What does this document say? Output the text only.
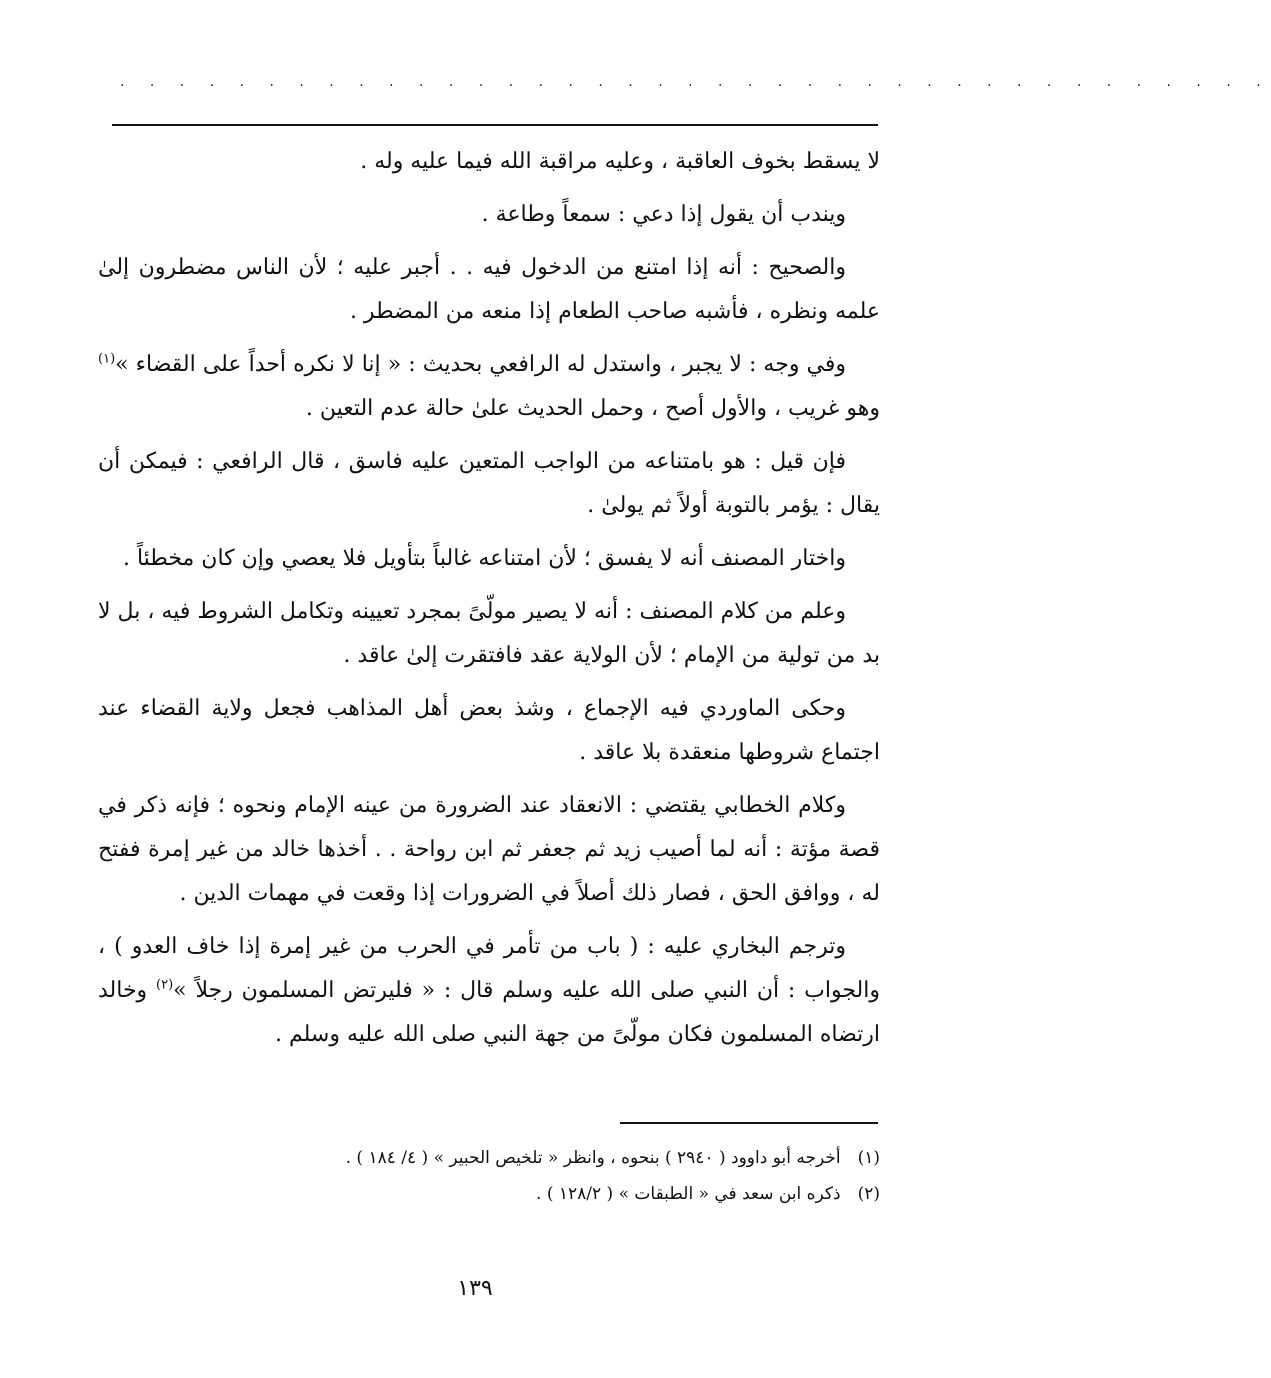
. . . . . . . . . . . . . . . . . . . . . . . . . . . . . . . . . . . . . . .

لا يسقط بخوف العاقبة ، وعليه مراقبة الله فيما عليه وله .

ويندب أن يقول إذا دعي : سمعاً وطاعة .

والصحيح : أنه إذا امتنع من الدخول فيه . . أجبر عليه ؛ لأن الناس مضطرون إلىٰ علمه ونظره ، فأشبه صاحب الطعام إذا منعه من المضطر .

وفي وجه : لا يجبر ، واستدل له الرافعي بحديث : « إنا لا نكره أحداً على القضاء »$^{(١)}$ وهو غريب ، والأول أصح ، وحمل الحديث علىٰ حالة عدم التعين .

فإن قيل : هو بامتناعه من الواجب المتعين عليه فاسق ، قال الرافعي : فيمكن أن يقال : يؤمر بالتوبة أولاً ثم يولىٰ .

واختار المصنف أنه لا يفسق ؛ لأن امتناعه غالباً بتأويل فلا يعصي وإن كان مخطئاً .

وعلم من كلام المصنف : أنه لا يصير مولّىً بمجرد تعيينه وتكامل الشروط فيه ، بل لا بد من تولية من الإمام ؛ لأن الولاية عقد فافتقرت إلىٰ عاقد .

وحكى الماوردي فيه الإجماع ، وشذ بعض أهل المذاهب فجعل ولاية القضاء عند اجتماع شروطها منعقدة بلا عاقد .

وكلام الخطابي يقتضي : الانعقاد عند الضرورة من عينه الإمام ونحوه ؛ فإنه ذكر في قصة مؤتة : أنه لما أصيب زيد ثم جعفر ثم ابن رواحة . . أخذها خالد من غير إمرة ففتح له ، ووافق الحق ، فصار ذلك أصلاً في الضرورات إذا وقعت في مهمات الدين .

وترجم البخاري عليه : ( باب من تأمر في الحرب من غير إمرة إذا خاف العدو ) ، والجواب : أن النبي صلى الله عليه وسلم قال : « فليرتض المسلمون رجلاً »$^{(٢)}$ وخالد ارتضاه المسلمون فكان مولّىً من جهة النبي صلى الله عليه وسلم .

(١) أخرجه أبو داوود ( ٢٩٤٠ ) بنحوه ، وانظر « تلخيص الحبير » ( ٤/ ١٨٤ ) .
(٢) ذكره ابن سعد في « الطبقات » ( ١٢٨/٢ ) .
١٣٩
